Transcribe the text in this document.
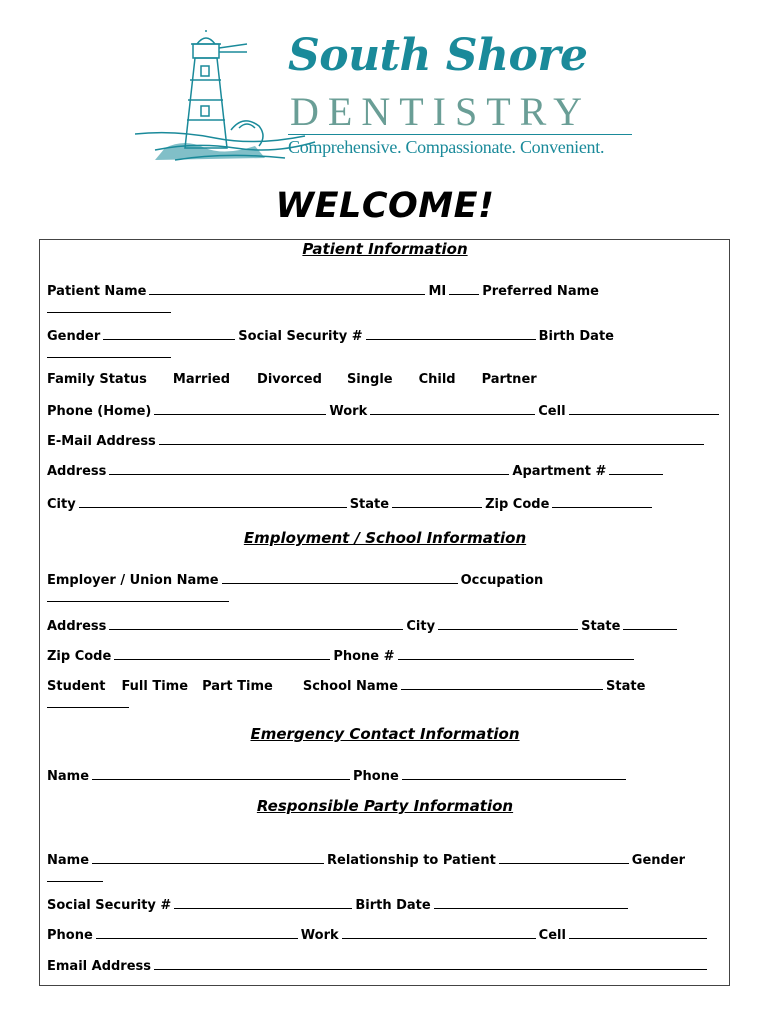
South Shore
DENTISTRY
Comprehensive. Compassionate. Convenient.
WELCOME!
Patient Information
Patient Name	MI	Preferred Name
Gender	Social Security #	Birth Date
Family Status Married Divorced Single Child Partner
Phone (Home)	Work	Cell
E-Mail Address
Address	Apartment #
City	State	Zip Code
Employment / School Information
Employer / Union Name	Occupation
Address	City	State
Zip Code	Phone #
Student Full Time Part Time School Name	State
Emergency Contact Information
Name	Phone
Responsible Party Information
Name	Relationship to Patient	Gender
Social Security #	Birth Date
Phone	Work	Cell
Email Address
